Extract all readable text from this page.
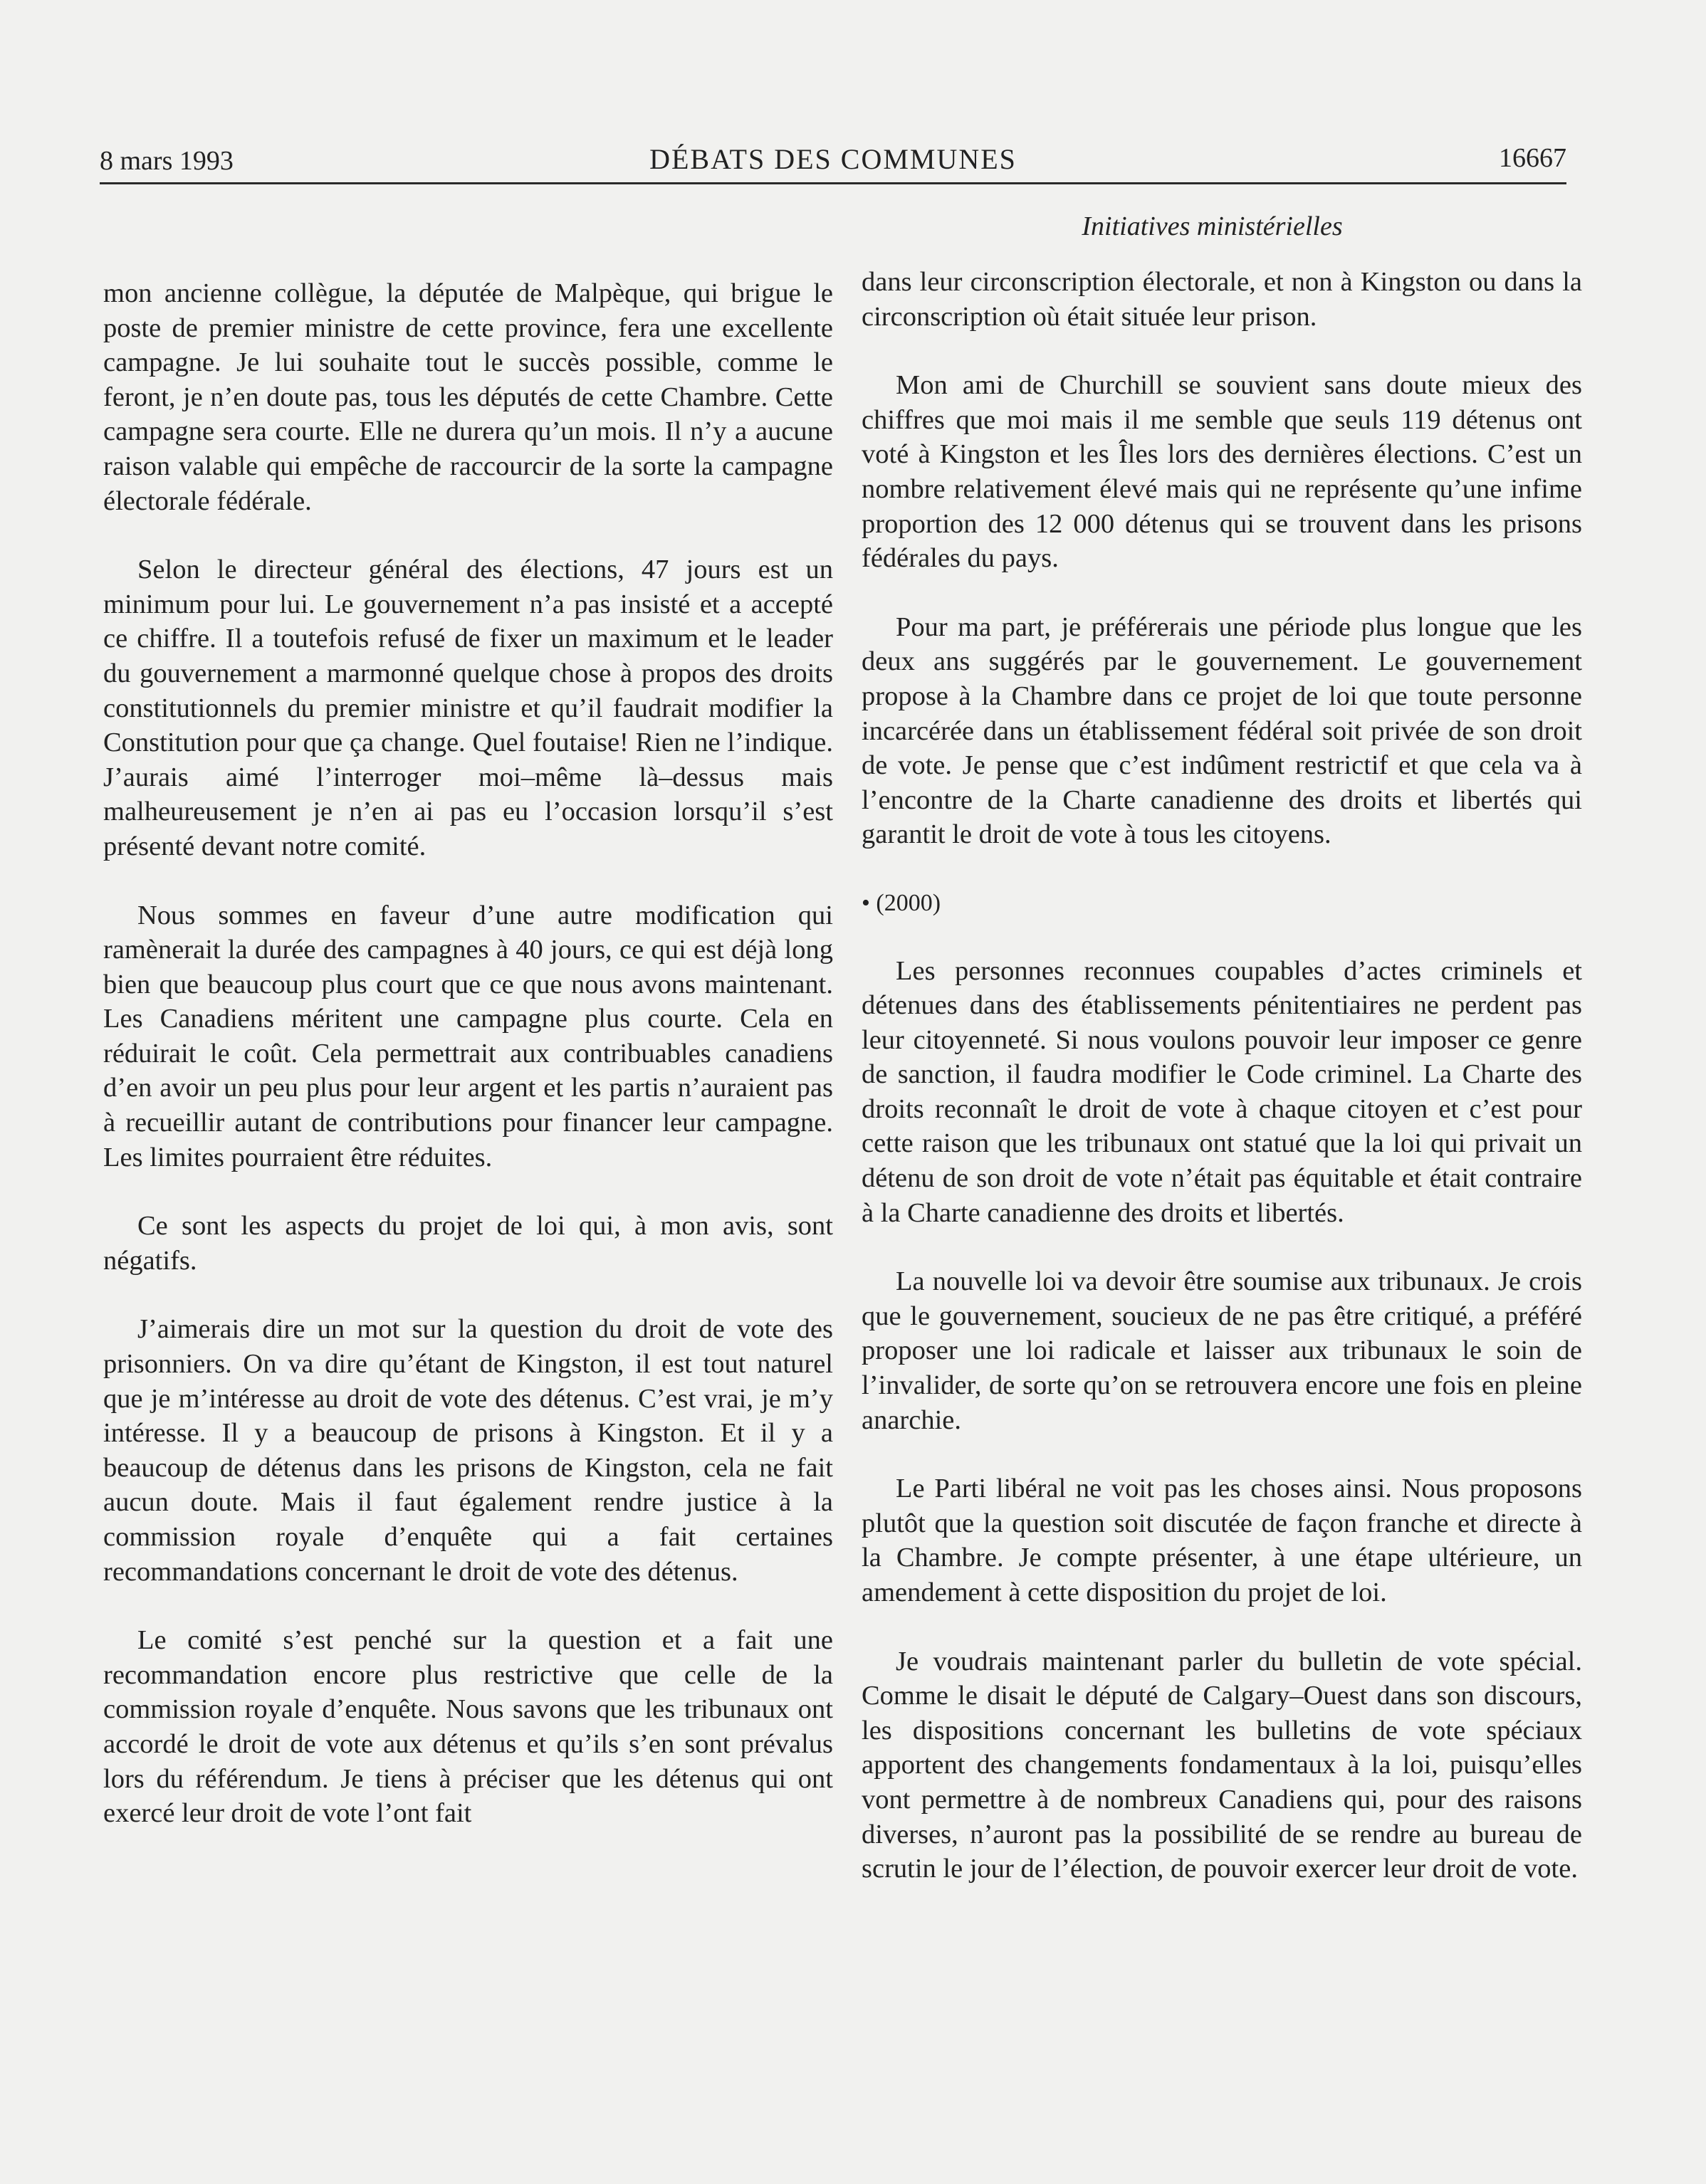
8 mars 1993	DÉBATS DES COMMUNES	16667
Initiatives ministérielles

mon ancienne collègue, la députée de Malpèque, qui brigue le poste de premier ministre de cette province, fera une excellente campagne. Je lui souhaite tout le succès possible, comme le feront, je n’en doute pas, tous les députés de cette Chambre. Cette campagne sera courte. Elle ne durera qu’un mois. Il n’y a aucune raison valable qui empêche de raccourcir de la sorte la campagne électorale fédérale.

Selon le directeur général des élections, 47 jours est un minimum pour lui. Le gouvernement n’a pas insisté et a accepté ce chiffre. Il a toutefois refusé de fixer un maximum et le leader du gouvernement a marmonné quelque chose à propos des droits constitutionnels du premier ministre et qu’il faudrait modifier la Constitution pour que ça change. Quel foutaise! Rien ne l’indique. J’aurais aimé l’interroger moi–même là–dessus mais malheureusement je n’en ai pas eu l’occasion lorsqu’il s’est présenté devant notre comité.

Nous sommes en faveur d’une autre modification qui ramènerait la durée des campagnes à 40 jours, ce qui est déjà long bien que beaucoup plus court que ce que nous avons maintenant. Les Canadiens méritent une campagne plus courte. Cela en réduirait le coût. Cela permettrait aux contribuables canadiens d’en avoir un peu plus pour leur argent et les partis n’auraient pas à recueillir autant de contributions pour financer leur campagne. Les limites pourraient être réduites.

Ce sont les aspects du projet de loi qui, à mon avis, sont négatifs.

J’aimerais dire un mot sur la question du droit de vote des prisonniers. On va dire qu’étant de Kingston, il est tout naturel que je m’intéresse au droit de vote des détenus. C’est vrai, je m’y intéresse. Il y a beaucoup de prisons à Kingston. Et il y a beaucoup de détenus dans les prisons de Kingston, cela ne fait aucun doute. Mais il faut également rendre justice à la commission royale d’enquête qui a fait certaines recommandations concernant le droit de vote des détenus.

Le comité s’est penché sur la question et a fait une recommandation encore plus restrictive que celle de la commission royale d’enquête. Nous savons que les tribunaux ont accordé le droit de vote aux détenus et qu’ils s’en sont prévalus lors du référendum. Je tiens à préciser que les détenus qui ont exercé leur droit de vote l’ont fait

dans leur circonscription électorale, et non à Kingston ou dans la circonscription où était située leur prison.

Mon ami de Churchill se souvient sans doute mieux des chiffres que moi mais il me semble que seuls 119 détenus ont voté à Kingston et les Îles lors des dernières élections. C’est un nombre relativement élevé mais qui ne représente qu’une infime proportion des 12 000 détenus qui se trouvent dans les prisons fédérales du pays.

Pour ma part, je préférerais une période plus longue que les deux ans suggérés par le gouvernement. Le gouvernement propose à la Chambre dans ce projet de loi que toute personne incarcérée dans un établissement fédéral soit privée de son droit de vote. Je pense que c’est indûment restrictif et que cela va à l’encontre de la Charte canadienne des droits et libertés qui garantit le droit de vote à tous les citoyens.

• (2000)

Les personnes reconnues coupables d’actes criminels et détenues dans des établissements pénitentiaires ne perdent pas leur citoyenneté. Si nous voulons pouvoir leur imposer ce genre de sanction, il faudra modifier le Code criminel. La Charte des droits reconnaît le droit de vote à chaque citoyen et c’est pour cette raison que les tribunaux ont statué que la loi qui privait un détenu de son droit de vote n’était pas équitable et était contraire à la Charte canadienne des droits et libertés.

La nouvelle loi va devoir être soumise aux tribunaux. Je crois que le gouvernement, soucieux de ne pas être critiqué, a préféré proposer une loi radicale et laisser aux tribunaux le soin de l’invalider, de sorte qu’on se retrouvera encore une fois en pleine anarchie.

Le Parti libéral ne voit pas les choses ainsi. Nous proposons plutôt que la question soit discutée de façon franche et directe à la Chambre. Je compte présenter, à une étape ultérieure, un amendement à cette disposition du projet de loi.

Je voudrais maintenant parler du bulletin de vote spécial. Comme le disait le député de Calgary–Ouest dans son discours, les dispositions concernant les bulletins de vote spéciaux apportent des changements fondamentaux à la loi, puisqu’elles vont permettre à de nombreux Canadiens qui, pour des raisons diverses, n’auront pas la possibilité de se rendre au bureau de scrutin le jour de l’élection, de pouvoir exercer leur droit de vote.
